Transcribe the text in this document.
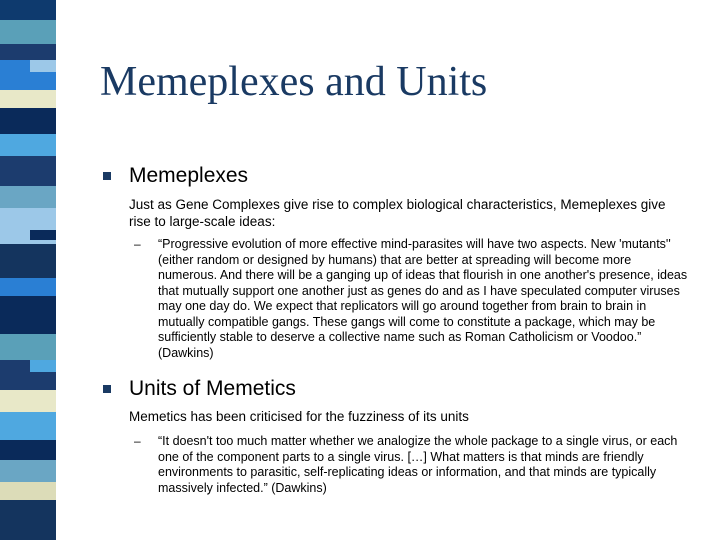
Memeplexes and Units
Memeplexes
Just as Gene Complexes give rise to complex biological characteristics, Memeplexes give rise to large-scale ideas:
– “Progressive evolution of more effective mind-parasites will have two aspects. New 'mutants'' (either random or designed by humans) that are better at spreading will become more numerous. And there will be a ganging up of ideas that flourish in one another's presence, ideas that mutually support one another just as genes do and as I have speculated computer viruses may one day do. We expect that replicators will go around together from brain to brain in mutually compatible gangs. These gangs will come to constitute a package, which may be sufficiently stable to deserve a collective name such as Roman Catholicism or Voodoo.” (Dawkins)
Units of Memetics
Memetics has been criticised for the fuzziness of its units
– “It doesn't too much matter whether we analogize the whole package to a single virus, or each one of the component parts to a single virus. […] What matters is that minds are friendly environments to parasitic, self-replicating ideas or information, and that minds are typically massively infected.” (Dawkins)
